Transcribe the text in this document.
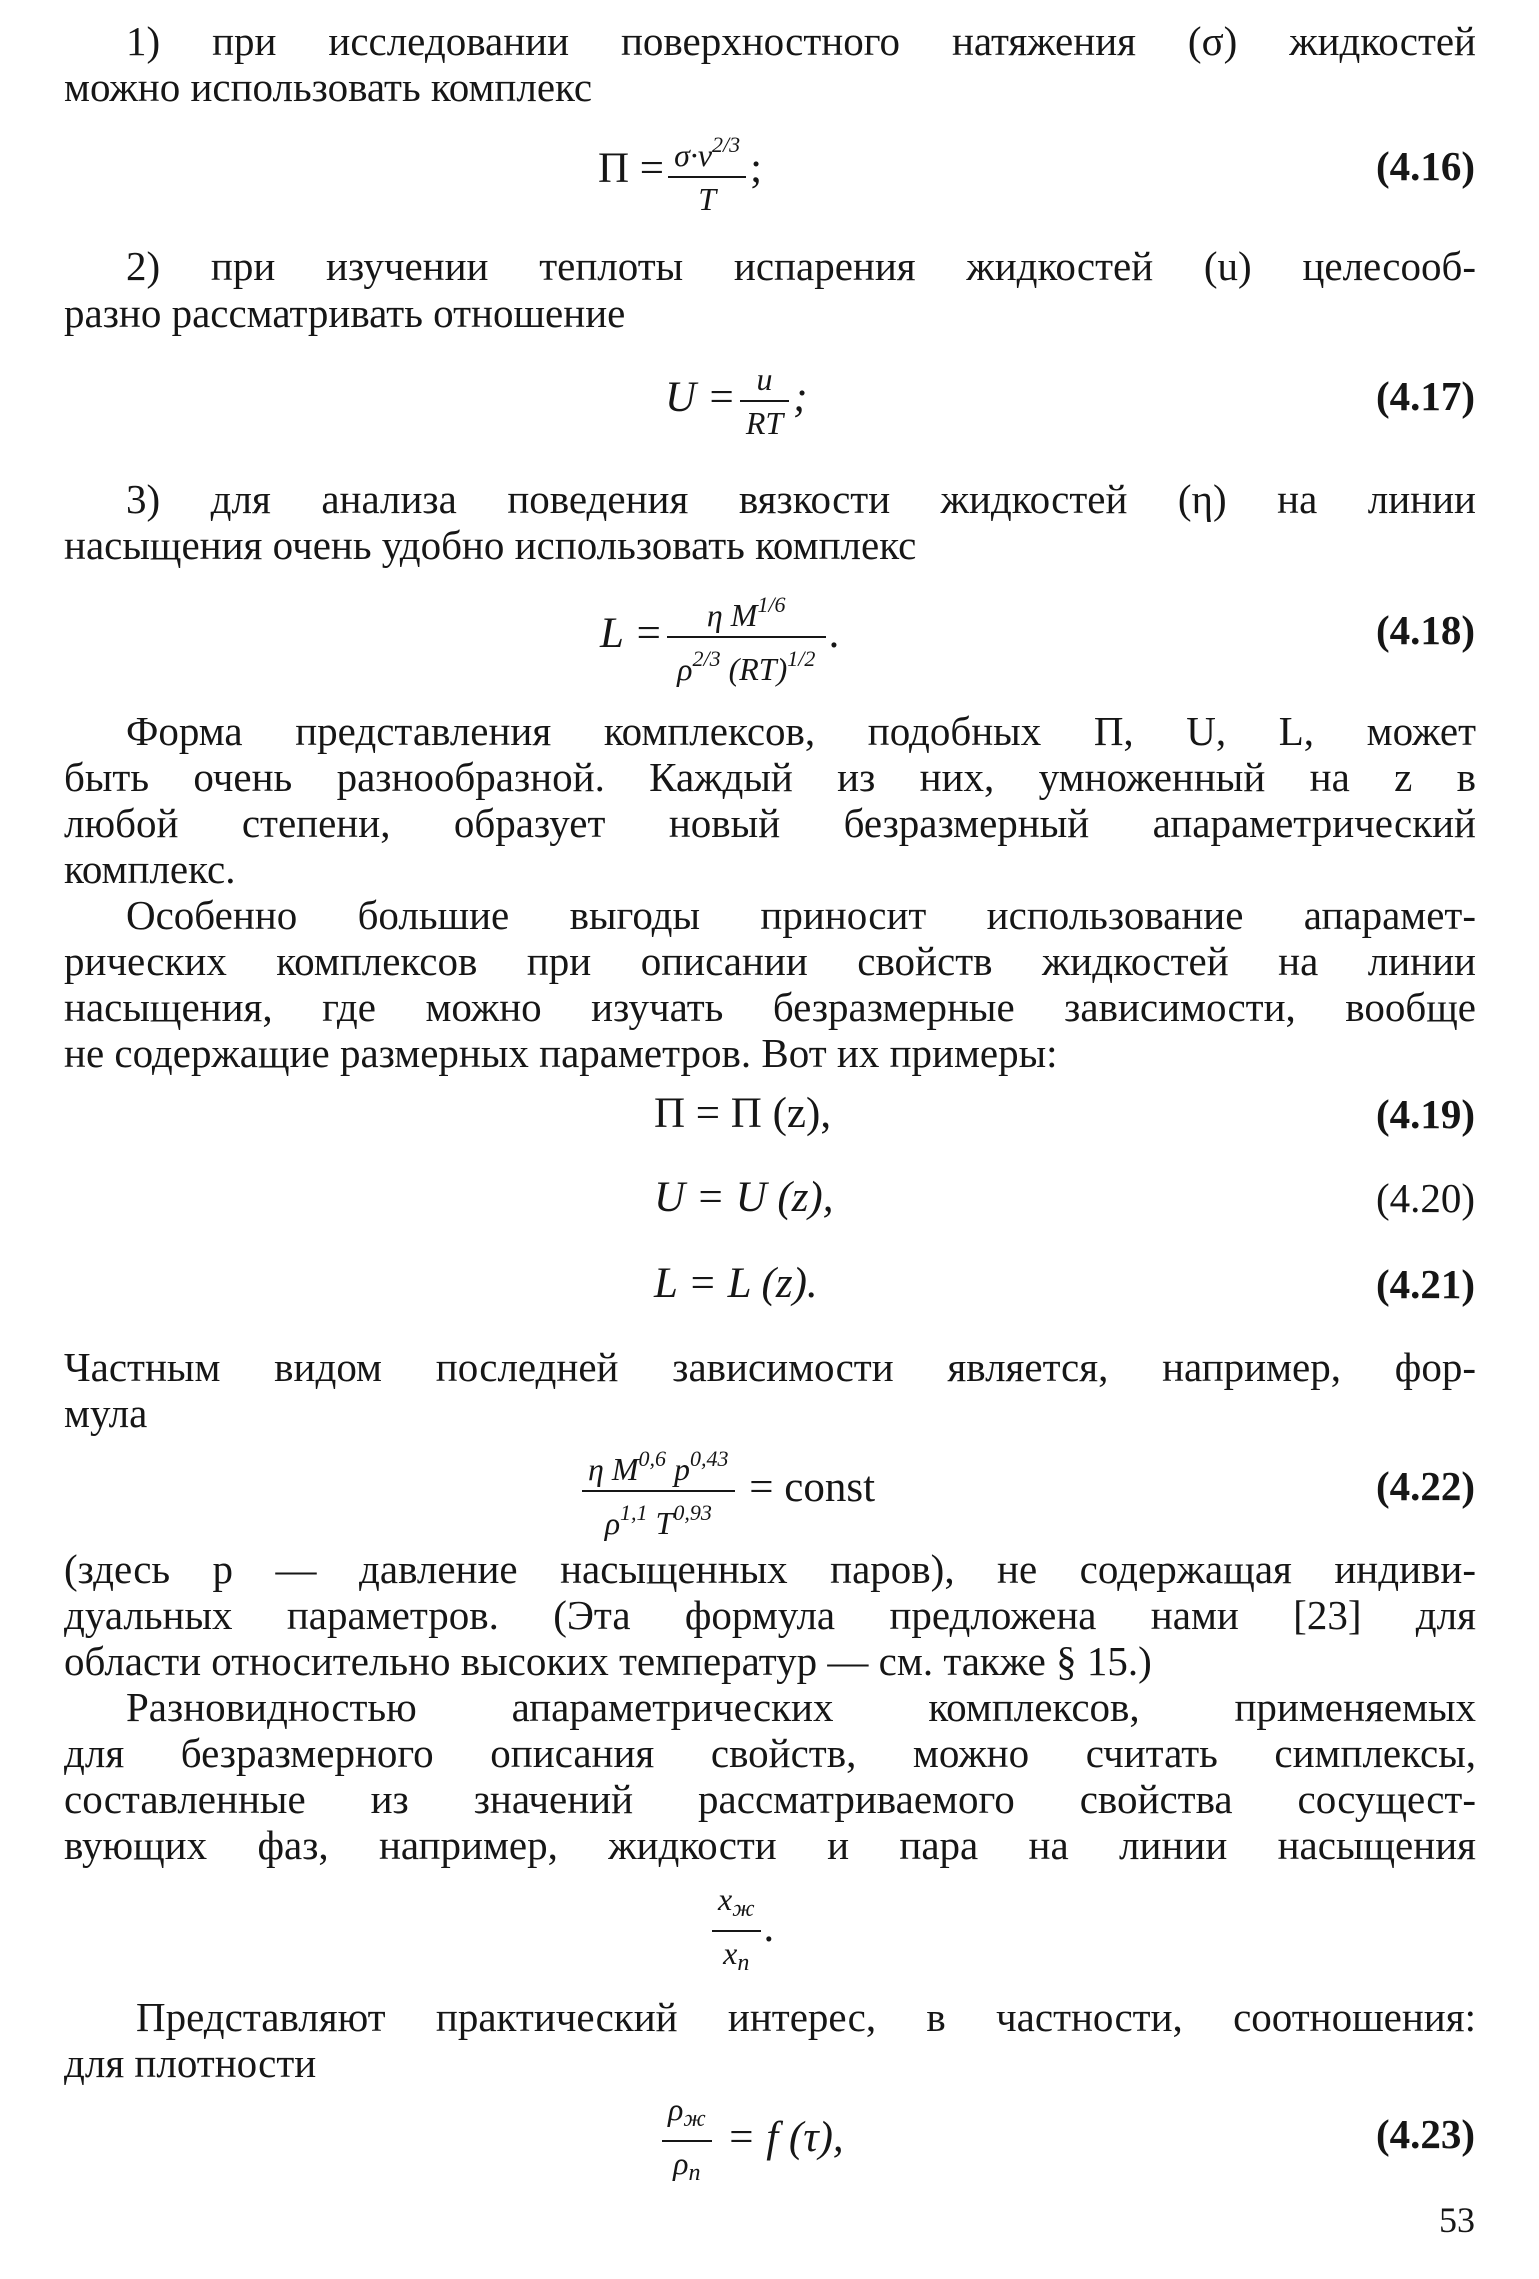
1) при исследовании поверхностного натяжения (σ) жидкостей
можно использовать комплекс
$П = \frac{\sigma\cdot v^{2/3}}{T}$ ;	(4.16)
2) при изучении теплоты испарения жидкостей (u) целесооб-
разно рассматривать отношение
$U = \frac{u}{RT}$ ;	(4.17)
3) для анализа поведения вязкости жидкостей (η) на линии
насыщения очень удобно использовать комплекс
$L = \frac{\eta M^{1/6}}{\rho^{2/3} (RT)^{1/2}}$ .	(4.18)
Форма представления комплексов, подобных П, U, L, может
быть очень разнообразной. Каждый из них, умноженный на z в
любой степени, образует новый безразмерный апараметрический
комплекс.
Особенно большие выгоды приносит использование апарамет-
рических комплексов при описании свойств жидкостей на линии
насыщения, где можно изучать безразмерные зависимости, вообще
не содержащие размерных параметров. Вот их примеры:
П = П (z),	(4.19)
U = U (z),	(4.20)
L = L (z).	(4.21)
Частным видом последней зависимости является, например, фор-
мула
$\frac{\eta M^{0,6} p^{0,43}}{\rho^{1,1} T^{0,93}}$ = const	(4.22)
(здесь p — давление насыщенных паров), не содержащая индиви-
дуальных параметров. (Эта формула предложена нами [23] для
области относительно высоких температур — см. также § 15.)
Разновидностью апараметрических комплексов, применяемых
для безразмерного описания свойств, можно считать симплексы,
составленные из значений рассматриваемого свойства сосущест-
вующих фаз, например, жидкости и пара на линии насыщения
$\frac{x_ж}{x_п}$ .
Представляют практический интерес, в частности, соотношения:
для плотности
$\frac{\rho_ж}{\rho_п} = f$ (τ),	(4.23)
53
